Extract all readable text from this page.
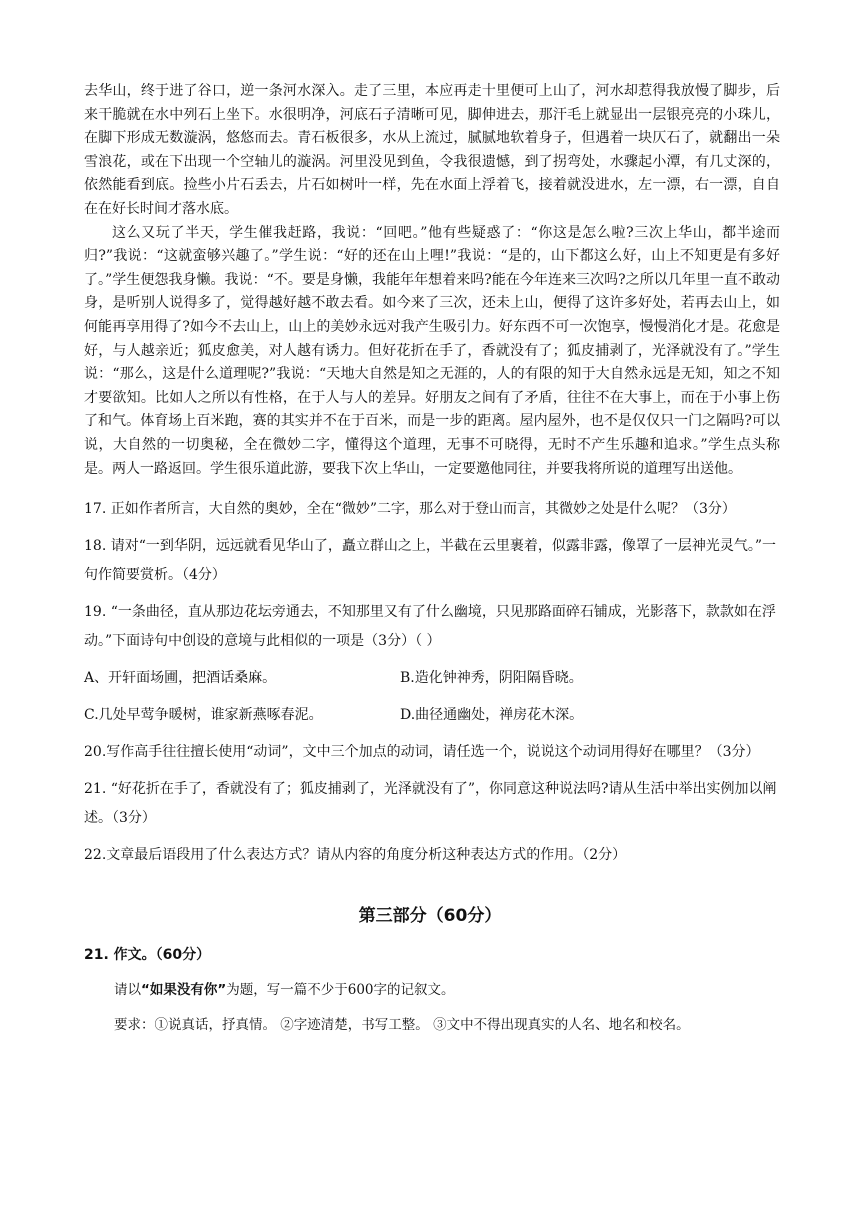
去华山，终于进了谷口，逆一条河水深入。走了三里，本应再走十里便可上山了，河水却惹得我放慢了脚步，后来干脆就在水中列石上坐下。水很明净，河底石子清晰可见，脚伸进去，那汗毛上就显出一层银亮亮的小珠儿，在脚下形成无数漩涡，悠悠而去。青石板很多，水从上流过，腻腻地软着身子，但遇着一块仄石了，就翻出一朵雪浪花，或在下出现一个空轴儿的漩涡。河里没见到鱼，令我很遗憾，到了拐弯处，水骤起小潭，有几丈深的，依然能看到底。捡些小片石丢去，片石如树叶一样，先在水面上浮着飞，接着就没进水，左一漂，右一漂，自自在在好长时间才落水底。

这么又玩了半天，学生催我赶路，我说：“回吧。”他有些疑惑了：“你这是怎么啦?三次上华山，都半途而归?”我说：“这就蛮够兴趣了。”学生说：“好的还在山上哩!”我说：“是的，山下都这么好，山上不知更是有多好了。”学生便怨我身懒。我说：“不。要是身懒，我能年年想着来吗?能在今年连来三次吗?之所以几年里一直不敢动身，是听别人说得多了，觉得越好越不敢去看。如今来了三次，还未上山，便得了这许多好处，若再去山上，如何能再享用得了?如今不去山上，山上的美妙永远对我产生吸引力。好东西不可一次饱享，慢慢消化才是。花愈是好，与人越亲近；狐皮愈美，对人越有诱力。但好花折在手了，香就没有了；狐皮捕剥了，光泽就没有了。”学生说：“那么，这是什么道理呢?”我说：“天地大自然是知之无涯的，人的有限的知于大自然永远是无知，知之不知才要欲知。比如人之所以有性格，在于人与人的差异。好朋友之间有了矛盾，往往不在大事上，而在于小事上伤了和气。体育场上百米跑，赛的其实并不在于百米，而是一步的距离。屋内屋外，也不是仅仅只一门之隔吗?可以说，大自然的一切奥秘，全在微妙二字，懂得这个道理，无事不可晓得，无时不产生乐趣和追求。”学生点头称是。两人一路返回。学生很乐道此游，要我下次上华山，一定要邀他同往，并要我将所说的道理写出送他。

17. 正如作者所言，大自然的奥妙，全在“微妙”二字，那么对于登山而言，其微妙之处是什么呢？（3分）

18. 请对“一到华阴，远远就看见华山了，矗立群山之上，半截在云里裹着，似露非露，像罩了一层神光灵气。”一句作简要赏析。（4分）

19. “一条曲径，直从那边花坛旁通去，不知那里又有了什么幽境，只见那路面碎石铺成，光影落下，款款如在浮动。”下面诗句中创设的意境与此相似的一项是（3分）（ ）

A、开轩面场圃，把酒话桑麻。	B.造化钟神秀，阴阳隔昏晓。
C.几处早莺争暖树，谁家新燕啄春泥。	D.曲径通幽处，禅房花木深。

20.写作高手往往擅长使用“动词”，文中三个加点的动词，请任选一个，说说这个动词用得好在哪里？（3分）

21. “好花折在手了，香就没有了；狐皮捕剥了，光泽就没有了”，你同意这种说法吗?请从生活中举出实例加以阐述。（3分）

22.文章最后语段用了什么表达方式？请从内容的角度分析这种表达方式的作用。（2分）

第三部分（60分）

21. 作文。（60分）

请以“如果没有你”为题，写一篇不少于600字的记叙文。

要求：①说真话，抒真情。 ②字迹清楚，书写工整。 ③文中不得出现真实的人名、地名和校名。
